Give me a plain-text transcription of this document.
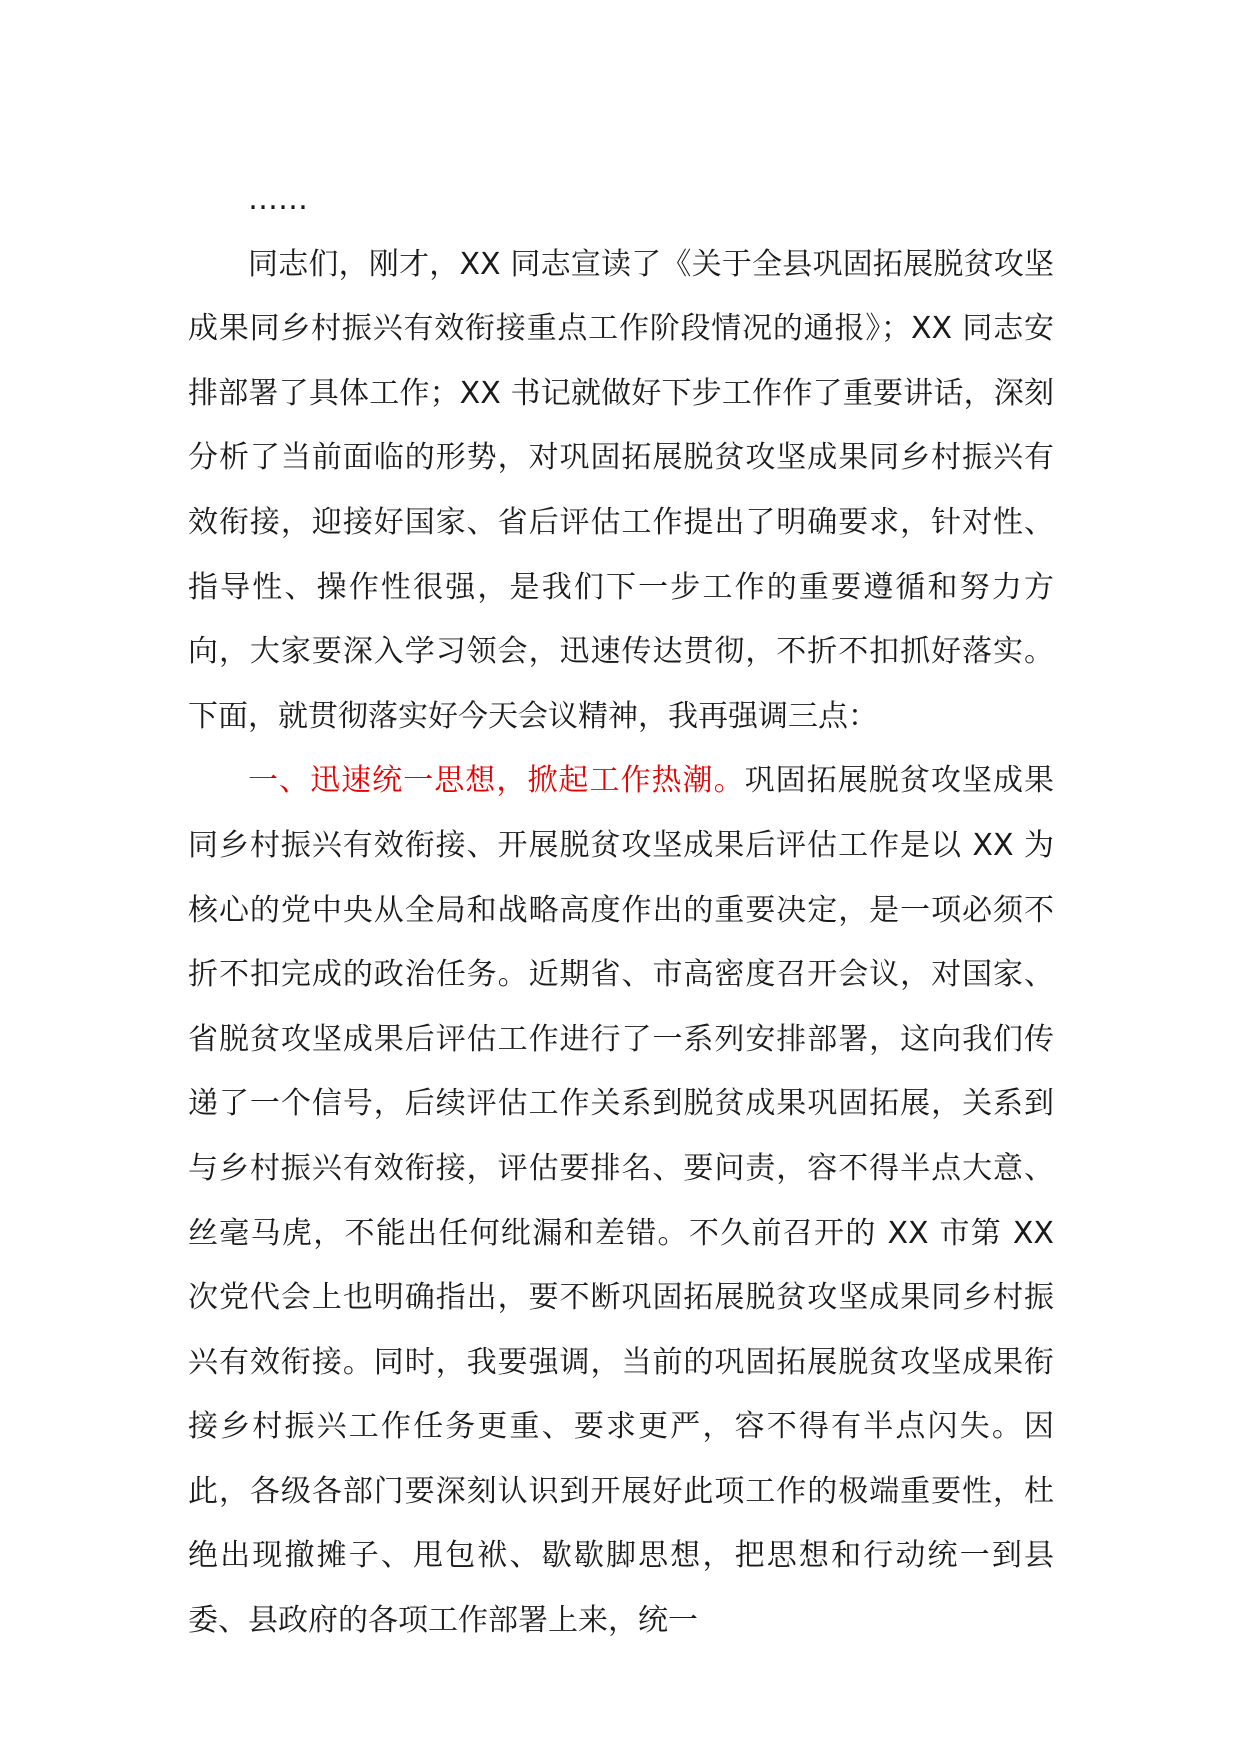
……

同志们，刚才，XX 同志宣读了《关于全县巩固拓展脱贫攻坚成果同乡村振兴有效衔接重点工作阶段情况的通报》；XX 同志安排部署了具体工作；XX 书记就做好下步工作作了重要讲话，深刻分析了当前面临的形势，对巩固拓展脱贫攻坚成果同乡村振兴有效衔接，迎接好国家、省后评估工作提出了明确要求，针对性、指导性、操作性很强，是我们下一步工作的重要遵循和努力方向，大家要深入学习领会，迅速传达贯彻，不折不扣抓好落实。下面，就贯彻落实好今天会议精神，我再强调三点：

一、迅速统一思想，掀起工作热潮。巩固拓展脱贫攻坚成果同乡村振兴有效衔接、开展脱贫攻坚成果后评估工作是以 XX 为核心的党中央从全局和战略高度作出的重要决定，是一项必须不折不扣完成的政治任务。近期省、市高密度召开会议，对国家、省脱贫攻坚成果后评估工作进行了一系列安排部署，这向我们传递了一个信号，后续评估工作关系到脱贫成果巩固拓展，关系到与乡村振兴有效衔接，评估要排名、要问责，容不得半点大意、丝毫马虎，不能出任何纰漏和差错。不久前召开的 XX 市第 XX 次党代会上也明确指出，要不断巩固拓展脱贫攻坚成果同乡村振兴有效衔接。同时，我要强调，当前的巩固拓展脱贫攻坚成果衔接乡村振兴工作任务更重、要求更严，容不得有半点闪失。因此，各级各部门要深刻认识到开展好此项工作的极端重要性，杜绝出现撤摊子、甩包袱、歇歇脚思想，把思想和行动统一到县委、县政府的各项工作部署上来，统一
